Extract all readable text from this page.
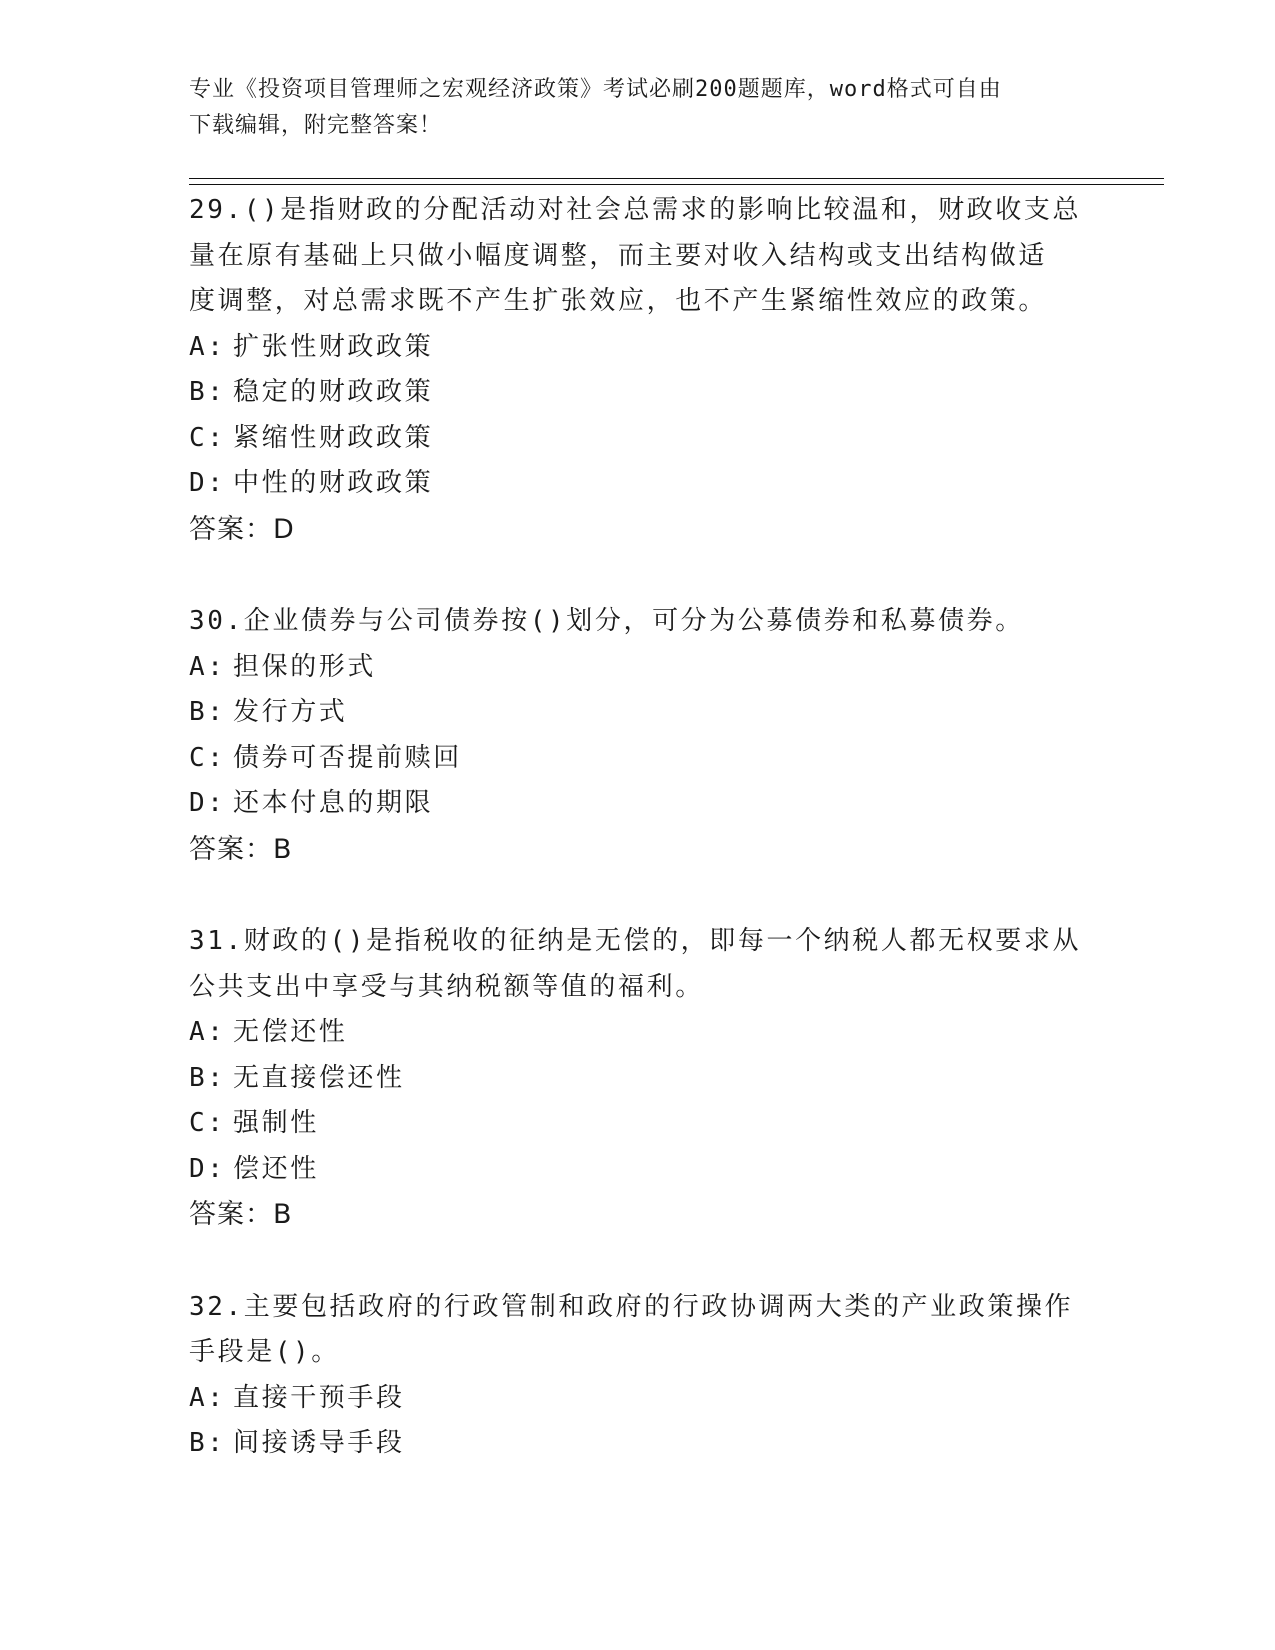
专业《投资项目管理师之宏观经济政策》考试必刷200题题库，word格式可自由
下载编辑，附完整答案！
29.()是指财政的分配活动对社会总需求的影响比较温和，财政收支总
量在原有基础上只做小幅度调整，而主要对收入结构或支出结构做适
度调整，对总需求既不产生扩张效应，也不产生紧缩性效应的政策。
A: 扩张性财政政策
B: 稳定的财政政策
C: 紧缩性财政政策
D: 中性的财政政策
答案：D
30.企业债券与公司债券按()划分，可分为公募债券和私募债券。
A: 担保的形式
B: 发行方式
C: 债券可否提前赎回
D: 还本付息的期限
答案：B
31.财政的()是指税收的征纳是无偿的，即每一个纳税人都无权要求从
公共支出中享受与其纳税额等值的福利。
A: 无偿还性
B: 无直接偿还性
C: 强制性
D: 偿还性
答案：B
32.主要包括政府的行政管制和政府的行政协调两大类的产业政策操作
手段是()。
A: 直接干预手段
B: 间接诱导手段
